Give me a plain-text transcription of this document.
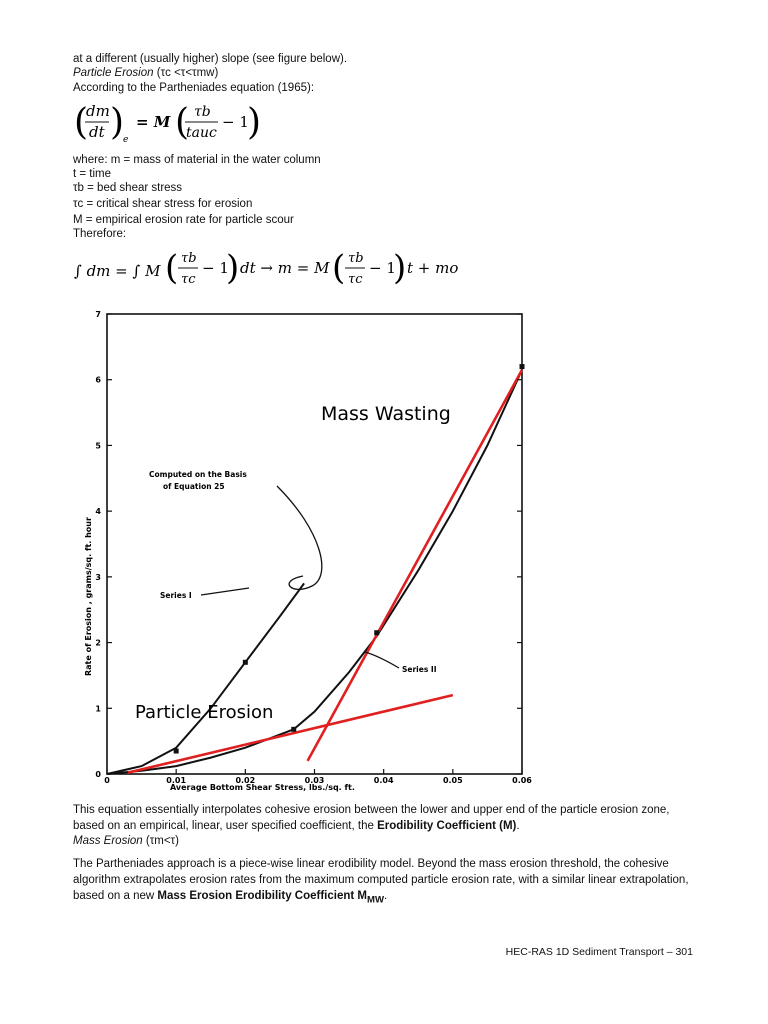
at a different (usually higher) slope (see figure below).
Particle Erosion (τc <τ<τmw)
According to the Partheniades equation (1965):
(
dm
dt )
e
= M ( τb
tauc
− 1
)
where: m = mass of material in the water column
t = time
τb = bed shear stress
τc = critical shear stress for erosion
M = empirical erosion rate for particle scour
Therefore:
∫ dm = ∫ M ( τb
τc
− 1
) dt → m = M ( τb
τc
− 1
) t + mo
0	0.01	0.02	0.03	0.04	0.05	0.06
0
1
2
3
4
5
6
7
Rate of Erosion , grams/sq. ft. hour
Average Bottom Shear Stress, lbs./sq. ft.
Mass Wasting
Particle Erosion
Computed on the Basis
of Equation 25
Series I
Series II
This equation essentially interpolates cohesive erosion between the lower and upper end of the particle erosion zone, based on an empirical, linear, user specified coefficient, the Erodibility Coefficient (M).
Mass Erosion (τm<τ)
The Partheniades approach is a piece-wise linear erodibility model. Beyond the mass erosion threshold, the cohesive algorithm extrapolates erosion rates from the maximum computed particle erosion rate, with a similar linear extrapolation, based on a new Mass Erosion Erodibility Coefficient $M_{MW}$.
HEC-RAS 1D Sediment Transport – 301
